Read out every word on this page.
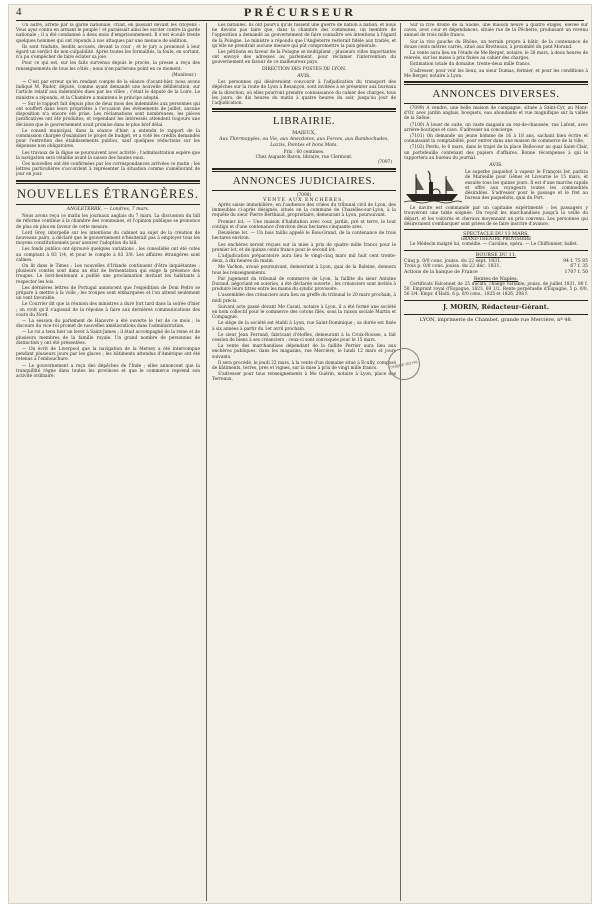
4	PRÉCURSEUR

Un autre, arrêté par la garde nationale, criait, en passant devant les citoyens : Vous ayez connu en armant le peuple ! et paraissait ainsi les exciter contre la garde nationale ; il a été condamné à deux mois d'emprisonnement. Il s'est écoulé trente quelques hommes qui ont répondu à nos attaques par une menace de sédition.

Ils sont traduits, lesdits accusés, devant la cour ; et le jury a prononcé à leur égard un verdict de non-culpabilité. Après toutes les formalités, la foule, en sortant, n'a pu s'empêcher de faire éclater sa joie.

Pour ce qui est, sur les faits survenus depuis le procès, la presse a reçu des renseignements de tous les côtés ; nous n'en parlerons point en ce moment.

(Moniteur.)

— C'est par erreur qu'en rendant compte de la séance d'avant-hier, nous avons indiqué M. Ruder, député, comme ayant demandé une nouvelle délibération, sur l'article relatif aux indemnités dues par les villes ; c'était le député de la Loire. Le ministre a répondu, et la Chambre a maintenu le principe adopté.

— Sur le rapport fait depuis plus de deux mois des indemnités aux personnes qui ont souffert dans leurs propriétés à l'occasion des événements de juillet, aucune disposition n'a encore été prise. Les réclamations sont nombreuses, les pièces justificatives ont été produites, et cependant les intéressés attendent toujours une décision que le gouvernement avait promise dans le plus bref délai.

Le conseil municipal, dans la séance d'hier, a entendu le rapport de la commission chargée d'examiner le projet de budget, et a voté les crédits demandés pour l'entretien des établissements publics, sauf quelques réductions sur les dépenses non obligatoires.

Les travaux de la digue se poursuivent avec activité ; l'administration espère que la navigation sera rétablie avant la saison des hautes eaux.

Ces nouvelles ont été confirmées par les correspondances arrivées ce matin ; les lettres particulières s'accordent à représenter la situation comme s'améliorant de jour en jour.

NOUVELLES ÉTRANGÈRES.
ANGLETERRE. — Londres, 7 mars.

Nous avons reçu ce matin les journaux anglais du 7 mars. La discussion du bill de réforme continue à la chambre des communes, et l'opinion publique se prononce de plus en plus en faveur de cette mesure.

Lord Grey, interpellé sur les intentions du cabinet au sujet de la création de nouveaux pairs, a déclaré que le gouvernement n'hésiterait pas à employer tous les moyens constitutionnels pour assurer l'adoption du bill.

Les fonds publics ont éprouvé quelques variations ; les consolidés ont été cotés au comptant à 83 1/4, et pour le compte à 83 3/8. Les affaires étrangères sont calmes.

On lit dans le Times : Les nouvelles d'Irlande continuent d'être inquiétantes ; plusieurs comtés sont dans un état de fermentation qui exige la présence des troupes. Le lord-lieutenant a publié une proclamation invitant les habitants à respecter les lois.

Les dernières lettres de Portugal annoncent que l'expédition de Dom Pedro se prépare à mettre à la voile ; les troupes sont embarquées et l'on attend seulement un vent favorable.

Le Courrier dit que la réunion des ministres a duré fort tard dans la soirée d'hier ; on croit qu'il s'agissait de la réponse à faire aux dernières communications des cours du Nord.

— La session du parlement de Hanovre a été ouverte le 1er de ce mois ; le discours du vice-roi promet de nouvelles améliorations dans l'administration.

— Le roi a tenu hier un lever à Saint-James ; il était accompagné de la reine et de plusieurs membres de la famille royale. Un grand nombre de personnes de distinction y ont été présentées.

— On écrit de Liverpool que la navigation de la Mersey a été interrompue pendant plusieurs jours par les glaces ; les bâtiments attendus d'Amérique ont été retenus à l'embouchure.

— Le gouvernement a reçu des dépêches de l'Inde ; elles annoncent que la tranquillité règne dans toutes les provinces et que le commerce reprend son activité ordinaire.

Les batailles. Ils ont pourvu qu'ils fussent une guerre de nation à nation, et nous ne devons pas taire que, dans la chambre des communes, un membre de l'opposition a demandé au gouvernement de faire connaître ses intentions à l'égard de la Pologne. Le ministre a répondu que l'Angleterre resterait fidèle aux traités, et qu'elle ne prendrait aucune mesure qui pût compromettre la paix générale.

Les pétitions en faveur de la Pologne se multiplient ; plusieurs villes importantes ont envoyé des adresses au parlement, pour réclamer l'intervention du gouvernement en faveur de ce malheureux pays.

DIRECTION DES POSTES DE LYON.
AVIS.

Les personnes qui désireraient concourir à l'adjudication du transport des dépêches sur la route de Lyon à Besançon, sont invitées à se présenter aux bureaux de la direction, où elles pourront prendre connaissance du cahier des charges, tous les jours, de dix heures du matin à quatre heures du soir, jusqu'au jour de l'adjudication.

LIBRAIRIE.
MAIEUX,
Aux Thermopyles, ou Vie, aux Anecdotes, aux Forces, aux Bambochades, Lazzis, Pointes et bons Mots.
Prix : 60 centimes.
Chez Auguste Baron, libraire, rue Clermont.
(7097)
ANNONCES JUDICIAIRES.
(7098)
VENTE AUX ENCHÈRES,

Après saisie immobilière, en l'audience des criées du tribunal civil de Lyon, des immeubles ci-après désignés, situés en la commune de Chazelles-sur-Lyon, à la requête du sieur Pierre Berthaud, propriétaire, demeurant à Lyon, poursuivant.

Premier lot. — Une maison d'habitation avec cour, jardin, pré et terre, le tout contigu et d'une contenance d'environ deux hectares cinquante ares.

Deuxième lot. — Un bois taillis appelé le Bois-Grand, de la contenance de trois hectares environ.

Les enchères seront reçues sur la mise à prix de quatre mille francs pour le premier lot, et de quinze cents francs pour le second lot.

L'adjudication préparatoire aura lieu le vingt-cinq mars mil huit cent trente-deux, à dix heures du matin.

Me Vachon, avoué poursuivant, demeurant à Lyon, quai de la Baleine, donnera tous les renseignements.

Par jugement du tribunal de commerce de Lyon, la faillite du sieur Antoine Durand, négociant en soieries, a été déclarée ouverte ; les créanciers sont invités à produire leurs titres entre les mains du syndic provisoire.

L'assemblée des créanciers aura lieu au greffe du tribunal le 20 mars prochain, à midi précis.

Suivant acte passé devant Me Casati, notaire à Lyon, il a été formé une société en nom collectif pour le commerce des cotons filés, sous la raison sociale Martin et Compagnie.

Le siège de la société est établi à Lyon, rue Saint-Dominique ; sa durée est fixée à six années à partir du 1er avril prochain.

Le sieur Jean Ferrand, fabricant d'étoffes, demeurant à la Croix-Rousse, a fait cession de biens à ses créanciers ; ceux-ci sont convoqués pour le 15 mars.

La vente des marchandises dépendant de la faillite Perrier aura lieu aux enchères publiques, dans les magasins, rue Mercière, le lundi 12 mars et jours suivants.

Il sera procédé, le jeudi 22 mars, à la vente d'un domaine situé à Écully, composé de bâtiments, terres, prés et vignes, sur la mise à prix de vingt mille francs.

S'adresser pour tous renseignements à Me Guérin, notaire à Lyon, place des Terreaux.

TIMBRE ROYAL

Sur la rive droite de la Saône, une maison neuve à quatre étages, élevée sur caves, avec cour et dépendances, située rue de la Pêcherie, produisant un revenu annuel de trois mille francs.

Sur la rive gauche du Rhône, un terrain propre à bâtir, de la contenance de douze cents mètres carrés, situé aux Brotteaux, à proximité du pont Morand.

La vente aura lieu en l'étude de Me Berger, notaire, le 26 mars, à deux heures de relevée, sur les mises à prix fixées au cahier des charges.

Estimation totale du domaine, trente-deux mille francs.

S'adresser, pour voir les lieux, au sieur Dumas, fermier, et pour les conditions à Me Berger, notaire à Lyon.

ANNONCES DIVERSES.

(7099) A vendre, une belle maison de campagne, située à Saint-Cyr, au Mont-d'Or, avec jardin anglais, bosquets, eau abondante et vue magnifique sur la vallée de la Saône.

(7100) A louer de suite, un vaste magasin au rez-de-chaussée, rue Lafont, avec arrière-boutique et cave. S'adresser au concierge.

(7101) On demande un jeune homme de 16 à 18 ans, sachant bien écrire et connaissant la comptabilité, pour entrer dans une maison de commerce de la ville.

(7102) Perdu, le 6 mars, dans le trajet de la place Bellecour au quai Saint-Clair, un portefeuille contenant des papiers d'affaires. Bonne récompense à qui le rapportera au bureau du journal.

AVIS.
Le superbe paquebot à vapeur le François Ier, partira de Marseille pour Gênes et Livourne le 15 mars, et ensuite tous les quinze jours. Il est d'une marche rapide et offre aux voyageurs toutes les commodités désirables. S'adresser pour le passage et le fret au bureau des paquebots, quai du Port.

Le navire est commandé par un capitaine expérimenté ; les passagers y trouveront une table soignée. On reçoit les marchandises jusqu'à la veille du départ, et les voitures et chevaux moyennant un prix convenu. Les personnes qui désireraient s'embarquer sont priées de se faire inscrire d'avance.

SPECTACLE DU 13 MARS.
GRAND-THÉATRE PROVISOIRE

Le Médecin malgré lui, comédie. — Caroline, opéra. — Le Chiffonnier, ballet.

BOURSE DU 11.
Cinq p. 0/0 cons. jouiss. du 22 sept. 1831.	94 f. 75 85
Trois p. 0/0 cons. jouiss. du 22 déc. 1831.	67 f. 35
Actions de la banque de France	1707 f. 50
Rentes de Naples.

Certificats Falconnet de 25 ducats, change variable, jouiss. de juillet 1831, 80 f. 50. Emprunt royal d'Espagne, 1823, 69 1/2. Rente perpétuelle d'Espagne, 5 p. 0/0, 56 3/4. Empr. d'Haïti, 6 p. 0/0 cons., 1825 et 1826, 208 f.

J. MORIN, Rédacteur-Gérant.
LYON, imprimerie de Chambet, grande rue Mercière, nº 48.
